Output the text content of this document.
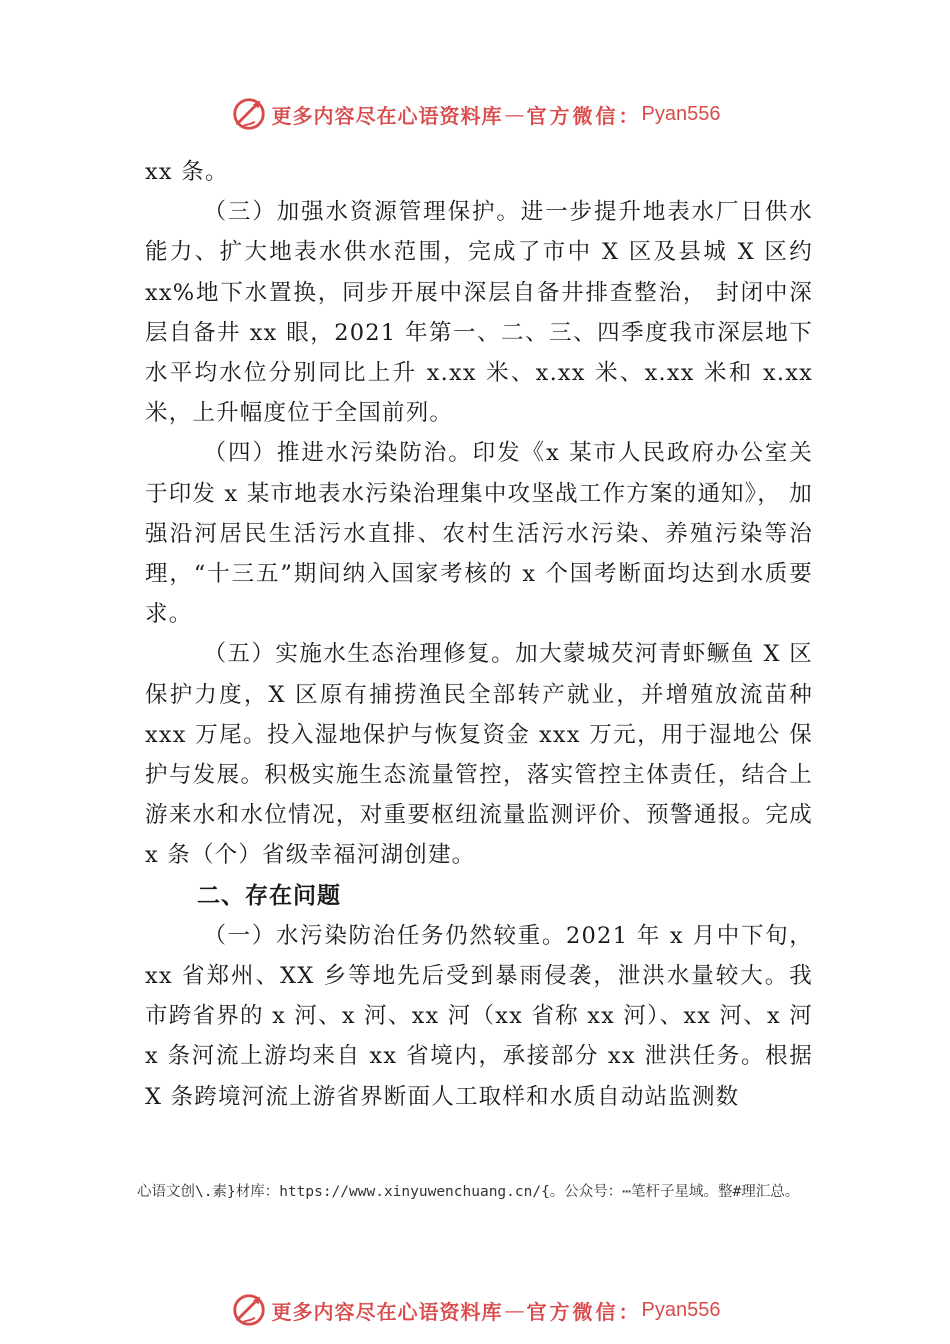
更多内容尽在心语资料库 — 官方微信： Pyan556

xx 条。

（三）加强水资源管理保护。进一步提升地表水厂日供水能力、扩大地表水供水范围，完成了市中 X 区及县城 X 区约 xx%地下水置换，同步开展中深层自备井排查整治， 封闭中深层自备井 xx 眼，2021 年第一、二、三、四季度我市深层地下水平均水位分别同比上升 x.xx 米、x.xx 米、x.xx 米和 x.xx 米，上升幅度位于全国前列。

（四）推进水污染防治。印发《x 某市人民政府办公室关于印发 x 某市地表水污染治理集中攻坚战工作方案的通知》， 加强沿河居民生活污水直排、农村生活污水污染、养殖污染等治理，“十三五”期间纳入国家考核的 x 个国考断面均达到水质要求。

（五）实施水生态治理修复。加大蒙城芡河青虾鳜鱼 X 区保护力度，X 区原有捕捞渔民全部转产就业，并增殖放流苗种 xxx 万尾。投入湿地保护与恢复资金 xxx 万元，用于湿地公 保护与发展。积极实施生态流量管控，落实管控主体责任，结合上游来水和水位情况，对重要枢纽流量监测评价、预警通报。完成 x 条（个）省级幸福河湖创建。

二、存在问题

（一）水污染防治任务仍然较重。2021 年 x 月中下旬，xx 省郑州、XX 乡等地先后受到暴雨侵袭，泄洪水量较大。我市跨省界的 x 河、x 河、xx 河（xx 省称 xx 河）、xx 河、x 河 x 条河流上游均来自 xx 省境内，承接部分 xx 泄洪任务。根据 X 条跨境河流上游省界断面人工取样和水质自动站监测数

心语文创\.素}材库：https://www.xinyuwenchuang.cn/{。公众号：⋯笔杆子星域。整#理汇总。
更多内容尽在心语资料库 — 官方微信： Pyan556
